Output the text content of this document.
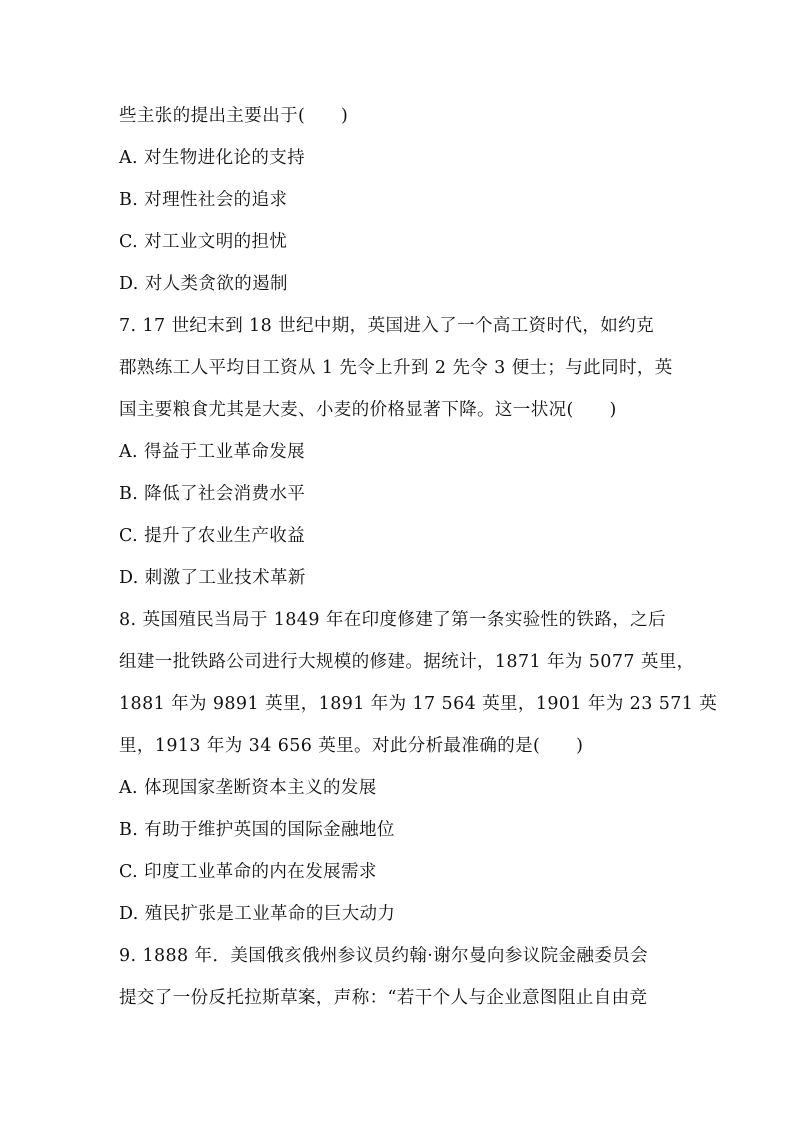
些主张的提出主要出于(　　)
A. 对生物进化论的支持
B. 对理性社会的追求
C. 对工业文明的担忧
D. 对人类贪欲的遏制
7. 17 世纪末到 18 世纪中期，英国进入了一个高工资时代，如约克
郡熟练工人平均日工资从 1 先令上升到 2 先令 3 便士；与此同时，英
国主要粮食尤其是大麦、小麦的价格显著下降。这一状况(　　)
A. 得益于工业革命发展
B. 降低了社会消费水平
C. 提升了农业生产收益
D. 刺激了工业技术革新
8. 英国殖民当局于 1849 年在印度修建了第一条实验性的铁路，之后
组建一批铁路公司进行大规模的修建。据统计，1871 年为 5077 英里，
1881 年为 9891 英里，1891 年为 17 564 英里，1901 年为 23 571 英
里，1913 年为 34 656 英里。对此分析最准确的是(　　)
A. 体现国家垄断资本主义的发展
B. 有助于维护英国的国际金融地位
C. 印度工业革命的内在发展需求
D. 殖民扩张是工业革命的巨大动力
9. 1888 年．美国俄亥俄州参议员约翰·谢尔曼向参议院金融委员会
提交了一份反托拉斯草案，声称：“若干个人与企业意图阻止自由竞
